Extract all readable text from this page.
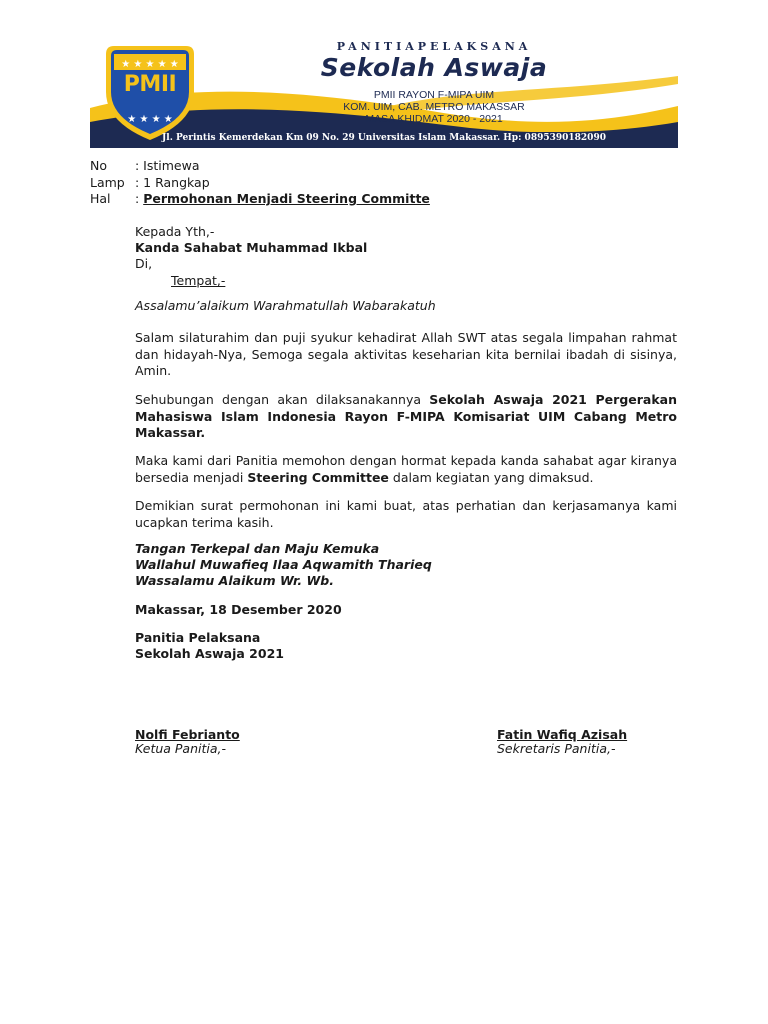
★ ★ ★ ★ ★
★ ★ ★ ★
PMII
PANITIAPELAKSANA
Sekolah Aswaja
PMII RAYON F-MIPA UIM
KOM. UIM, CAB. METRO MAKASSAR
MASA KHIDMAT 2020 - 2021
Jl. Perintis Kemerdekan Km 09 No. 29 Universitas Islam Makassar. Hp: 0895390182090
No : Istimewa
Lamp : 1 Rangkap
Hal : Permohonan Menjadi Steering Committe
Kepada Yth,-
Kanda Sahabat Muhammad Ikbal
Di,
Tempat,-
Assalamu’alaikum Warahmatullah Wabarakatuh
Salam silaturahim dan puji syukur kehadirat Allah SWT atas segala limpahan rahmat dan hidayah-Nya, Semoga segala aktivitas keseharian kita bernilai ibadah di sisinya, Amin.
Sehubungan dengan akan dilaksanakannya Sekolah Aswaja 2021 Pergerakan Mahasiswa Islam Indonesia Rayon F-MIPA Komisariat UIM Cabang Metro Makassar.
Maka kami dari Panitia memohon dengan hormat kepada kanda sahabat agar kiranya bersedia menjadi Steering Committee dalam kegiatan yang dimaksud.
Demikian surat permohonan ini kami buat, atas perhatian dan kerjasamanya kami ucapkan terima kasih.
Tangan Terkepal dan Maju Kemuka
Wallahul Muwafieq Ilaa Aqwamith Tharieq
Wassalamu Alaikum Wr. Wb.
Makassar, 18 Desember 2020
Panitia Pelaksana
Sekolah Aswaja 2021
Nolfi Febrianto
Ketua Panitia,-
Fatin Wafiq Azisah
Sekretaris Panitia,-
